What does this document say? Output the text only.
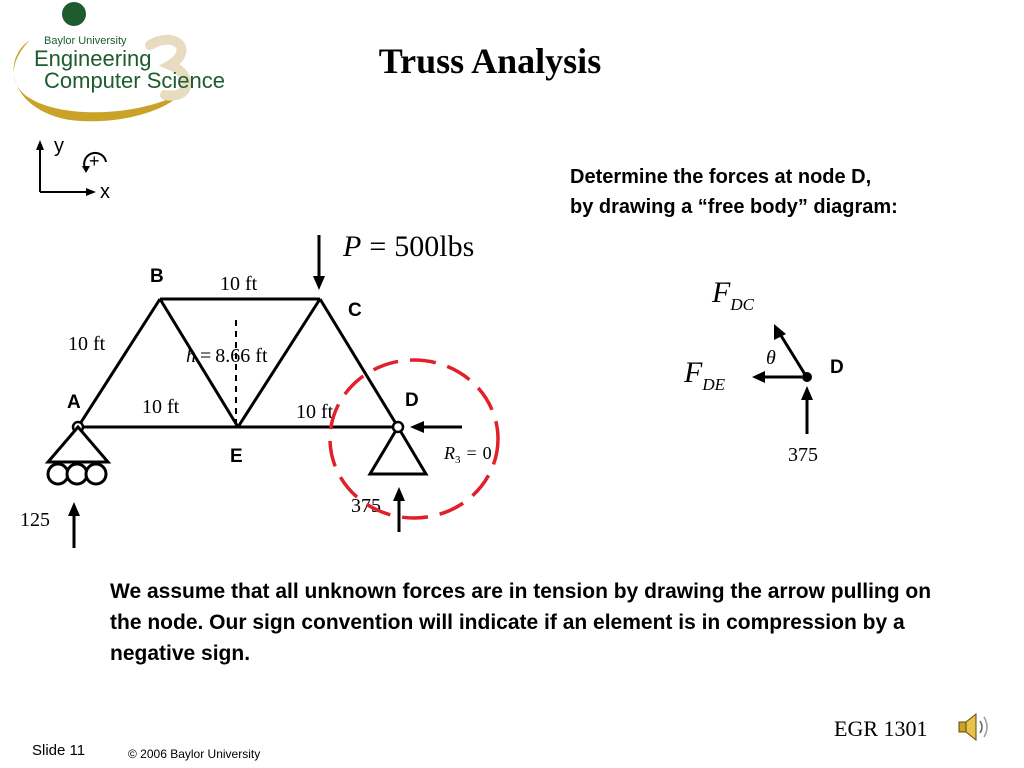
Baylor University
Engineering
Computer Science	Truss Analysis
y
x
+
Determine the forces at node D,
by drawing a “free body” diagram:
P = 500lbs
B
C
A	D
E
10 ft
10 ft
h = 8.66 ft
10 ft	10 ft
125
375
$R_3 = 0$
$F_{DC}$
θ
$F_{DE}$
D
375
We assume that all unknown forces are in tension by drawing the arrow pulling on the node. Our sign convention will indicate if an element is in compression by a negative sign.
Slide 11	© 2006 Baylor University
EGR 1301
